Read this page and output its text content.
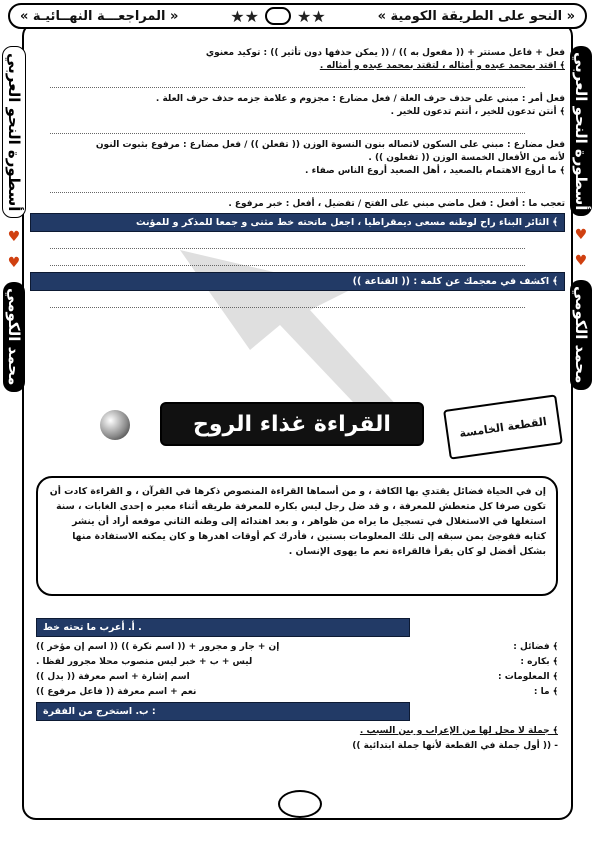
« النحو على الطريقة الكومية »
★★
★★
« المراجعـــة النهــائيـة »
أسطورة النحو العربي
♥
♥
محمد الكومي
أسطورة النحو العربي
♥
♥
محمد الكومي
فعل + فاعل مستتر + (( مفعول به )) / (( يمكن حذفها دون تأثير )) : توكيد معنوي
﴾ اقتد بمحمد عبده و أمثاله ، لتقتد بمحمد عبده و أمثاله .
فعل أمر : مبني على حذف حرف العلة / فعل مضارع : مجزوم و علامة جزمه حذف حرف العلة .
﴾ أنتن تدعون للخير ، أنتم تدعون للخير .
فعل مضارع : مبني على السكون لاتصاله بنون النسوة الوزن (( تفعلن )) / فعل مضارع : مرفوع بثبوت النون
لأنه من الأفعال الخمسة الوزن (( تفعلون )) .
﴾ ما أروع الاهتمام بالصعيد ، أهل الصعيد أروع الناس صفاء .
تعجب ما : أفعل : فعل ماضي مبني على الفتح / تفضيل ، أفعل : خبر مرفوع .
﴾ الثائر البناء راح لوطنه مسعى ديمقراطيا ، اجعل ماتحته خط مثنى و جمعا للمذكر و للمؤنث
﴾ اكشف في معجمك عن كلمة : (( القناعة ))
القراءة غذاء الروح	القطعة الخامسة
إن في الحياة فضائل يقتدي بها الكافة ، و من أسماها القراءة المنصوص ذكرها في القرآن ، و القراءة كادت أن تكون صرفا كل متعطش للمعرفة ، و قد ضل رجل ليس بكاره للمعرفة طريقه أثناء معبر ه إحدى الغابات ، سنة استغلها في الاستغلال في تسجيل ما يراه من ظواهر ، و بعد اهتدائه إلى وطنه الثاني موقعه أراد أن ينشر كتابه ففوجئ بمن سبقه إلى تلك المعلومات بسنين ، فأدرك كم أوقات اهدرها و كان يمكنه الاستفادة منها بشكل أفضل لو كان يقرأ فالقراءة نعم ما يهوى الإنسان .
أ. أعرب ما تحته خط .
﴾ فضائل :
إن + جار و مجرور + (( اسم نكرة )) (( اسم إن مؤخر ))
﴾ بكاره :
ليس + ب + خبر ليس منصوب محلا مجرور لفظا .
﴾ المعلومات :
اسم إشارة + اسم معرفة (( بدل ))
﴾ ما :
نعم + اسم معرفة (( فاعل مرفوع ))
ب. استخرج من الفقرة :
﴾ جملة لا محل لها من الإعراب و بين السبب .
- (( أول جملة في القطعة لأنها جملة ابتدائية ))
